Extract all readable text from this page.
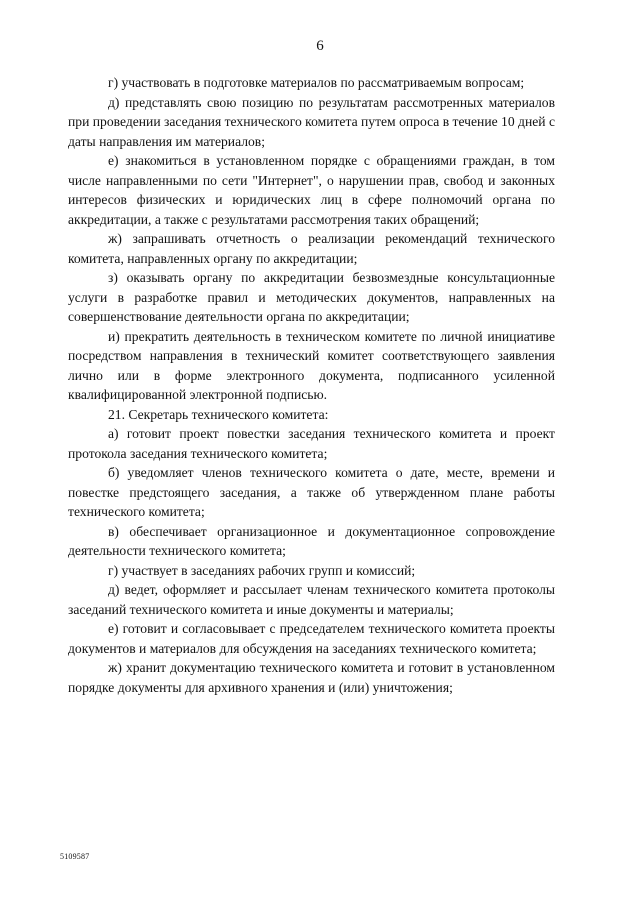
6

г) участвовать в подготовке материалов по рассматриваемым вопросам;

д) представлять свою позицию по результатам рассмотренных материалов при проведении заседания технического комитета путем опроса в течение 10 дней с даты направления им материалов;

е) знакомиться в установленном порядке с обращениями граждан, в том числе направленными по сети "Интернет", о нарушении прав, свобод и законных интересов физических и юридических лиц в сфере полномочий органа по аккредитации, а также с результатами рассмотрения таких обращений;

ж) запрашивать отчетность о реализации рекомендаций технического комитета, направленных органу по аккредитации;

з) оказывать органу по аккредитации безвозмездные консультационные услуги в разработке правил и методических документов, направленных на совершенствование деятельности органа по аккредитации;

и) прекратить деятельность в техническом комитете по личной инициативе посредством направления в технический комитет соответствующего заявления лично или в форме электронного документа, подписанного усиленной квалифицированной электронной подписью.

21. Секретарь технического комитета:

а) готовит проект повестки заседания технического комитета и проект протокола заседания технического комитета;

б) уведомляет членов технического комитета о дате, месте, времени и повестке предстоящего заседания, а также об утвержденном плане работы технического комитета;

в) обеспечивает организационное и документационное сопровождение деятельности технического комитета;

г) участвует в заседаниях рабочих групп и комиссий;

д) ведет, оформляет и рассылает членам технического комитета протоколы заседаний технического комитета и иные документы и материалы;

е) готовит и согласовывает с председателем технического комитета проекты документов и материалов для обсуждения на заседаниях технического комитета;

ж) хранит документацию технического комитета и готовит в установленном порядке документы для архивного хранения и (или) уничтожения;

5109587
